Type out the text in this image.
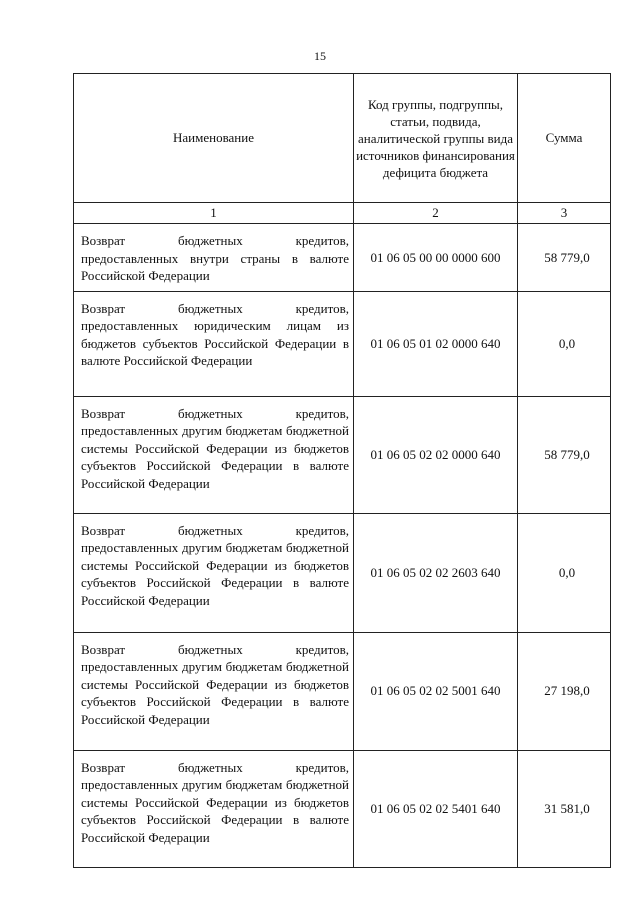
15
Наименование	Код группы, подгруппы, статьи, подвида, аналитической группы вида источников финансирования дефицита бюджета	Сумма
1	2	3
Возврат бюджетных кредитов, предоставленных внутри страны в валюте Российской Федерации	01 06 05 00 00 0000 600	58 779,0
Возврат бюджетных кредитов, предоставленных юридическим лицам из бюджетов субъектов Российской Федерации в валюте Российской Федерации	01 06 05 01 02 0000 640	0,0
Возврат бюджетных кредитов, предоставленных другим бюджетам бюджетной системы Российской Федерации из бюджетов субъектов Российской Федерации в валюте Российской Федерации	01 06 05 02 02 0000 640	58 779,0
Возврат бюджетных кредитов, предоставленных другим бюджетам бюджетной системы Российской Федерации из бюджетов субъектов Российской Федерации в валюте Российской Федерации	01 06 05 02 02 2603 640	0,0
Возврат бюджетных кредитов, предоставленных другим бюджетам бюджетной системы Российской Федерации из бюджетов субъектов Российской Федерации в валюте Российской Федерации	01 06 05 02 02 5001 640	27 198,0
Возврат бюджетных кредитов, предоставленных другим бюджетам бюджетной системы Российской Федерации из бюджетов субъектов Российской Федерации в валюте Российской Федерации	01 06 05 02 02 5401 640	31 581,0
